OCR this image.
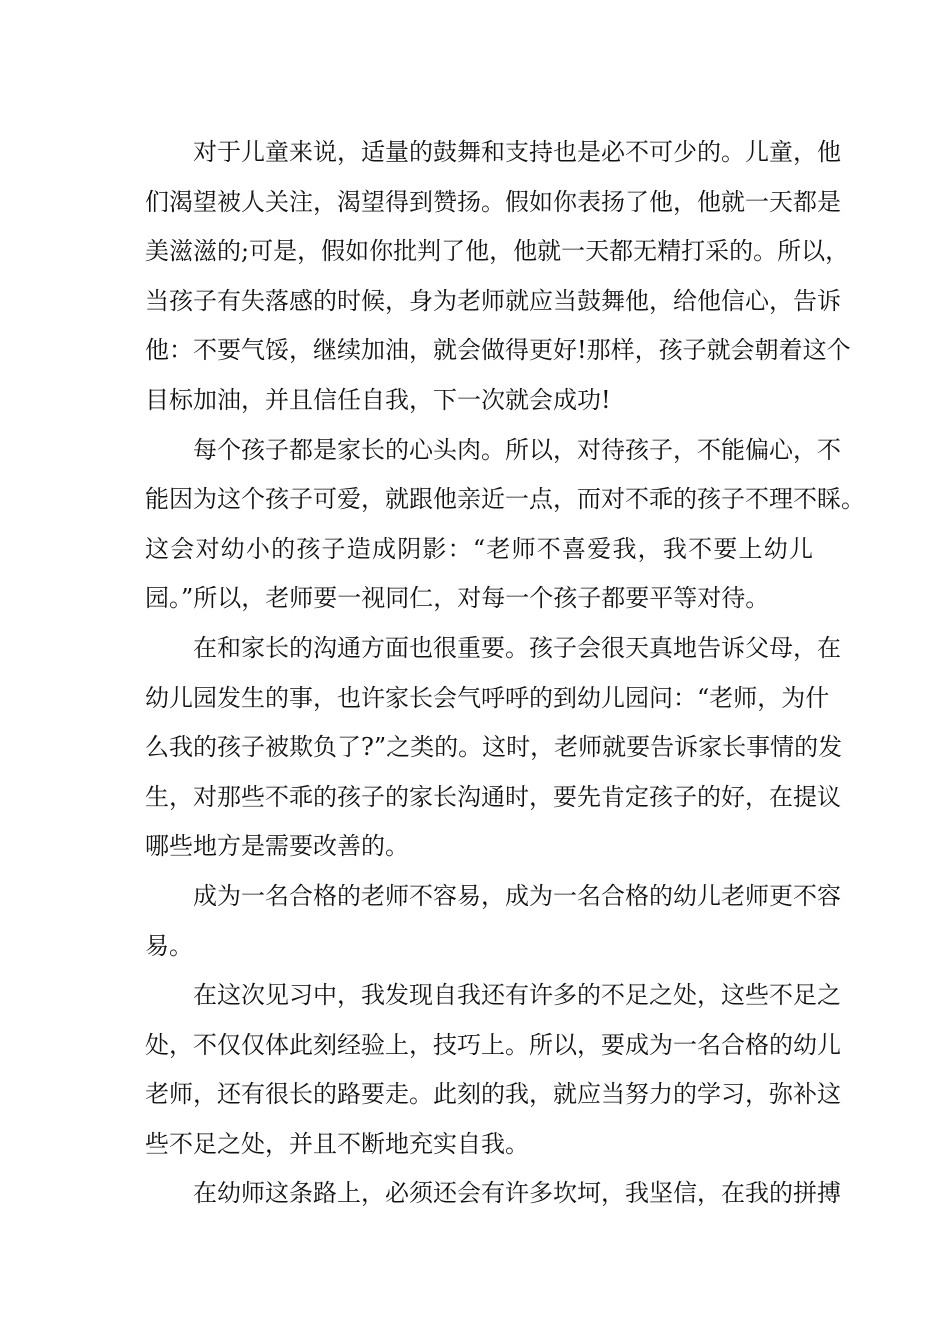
对于儿童来说，适量的鼓舞和支持也是必不可少的。儿童，他
们渴望被人关注，渴望得到赞扬。假如你表扬了他，他就一天都是
美滋滋的;可是，假如你批判了他，他就一天都无精打采的。所以，
当孩子有失落感的时候，身为老师就应当鼓舞他，给他信心，告诉
他：不要气馁，继续加油，就会做得更好!那样，孩子就会朝着这个
目标加油，并且信任自我，下一次就会成功!
每个孩子都是家长的心头肉。所以，对待孩子，不能偏心，不
能因为这个孩子可爱，就跟他亲近一点，而对不乖的孩子不理不睬。
这会对幼小的孩子造成阴影：“老师不喜爱我，我不要上幼儿
园。”所以，老师要一视同仁，对每一个孩子都要平等对待。
在和家长的沟通方面也很重要。孩子会很天真地告诉父母，在
幼儿园发生的事，也许家长会气呼呼的到幼儿园问：“老师，为什
么我的孩子被欺负了?”之类的。这时，老师就要告诉家长事情的发
生，对那些不乖的孩子的家长沟通时，要先肯定孩子的好，在提议
哪些地方是需要改善的。
成为一名合格的老师不容易，成为一名合格的幼儿老师更不容
易。
在这次见习中，我发现自我还有许多的不足之处，这些不足之
处，不仅仅体此刻经验上，技巧上。所以，要成为一名合格的幼儿
老师，还有很长的路要走。此刻的我，就应当努力的学习，弥补这
些不足之处，并且不断地充实自我。
在幼师这条路上，必须还会有许多坎坷，我坚信，在我的拼搏
